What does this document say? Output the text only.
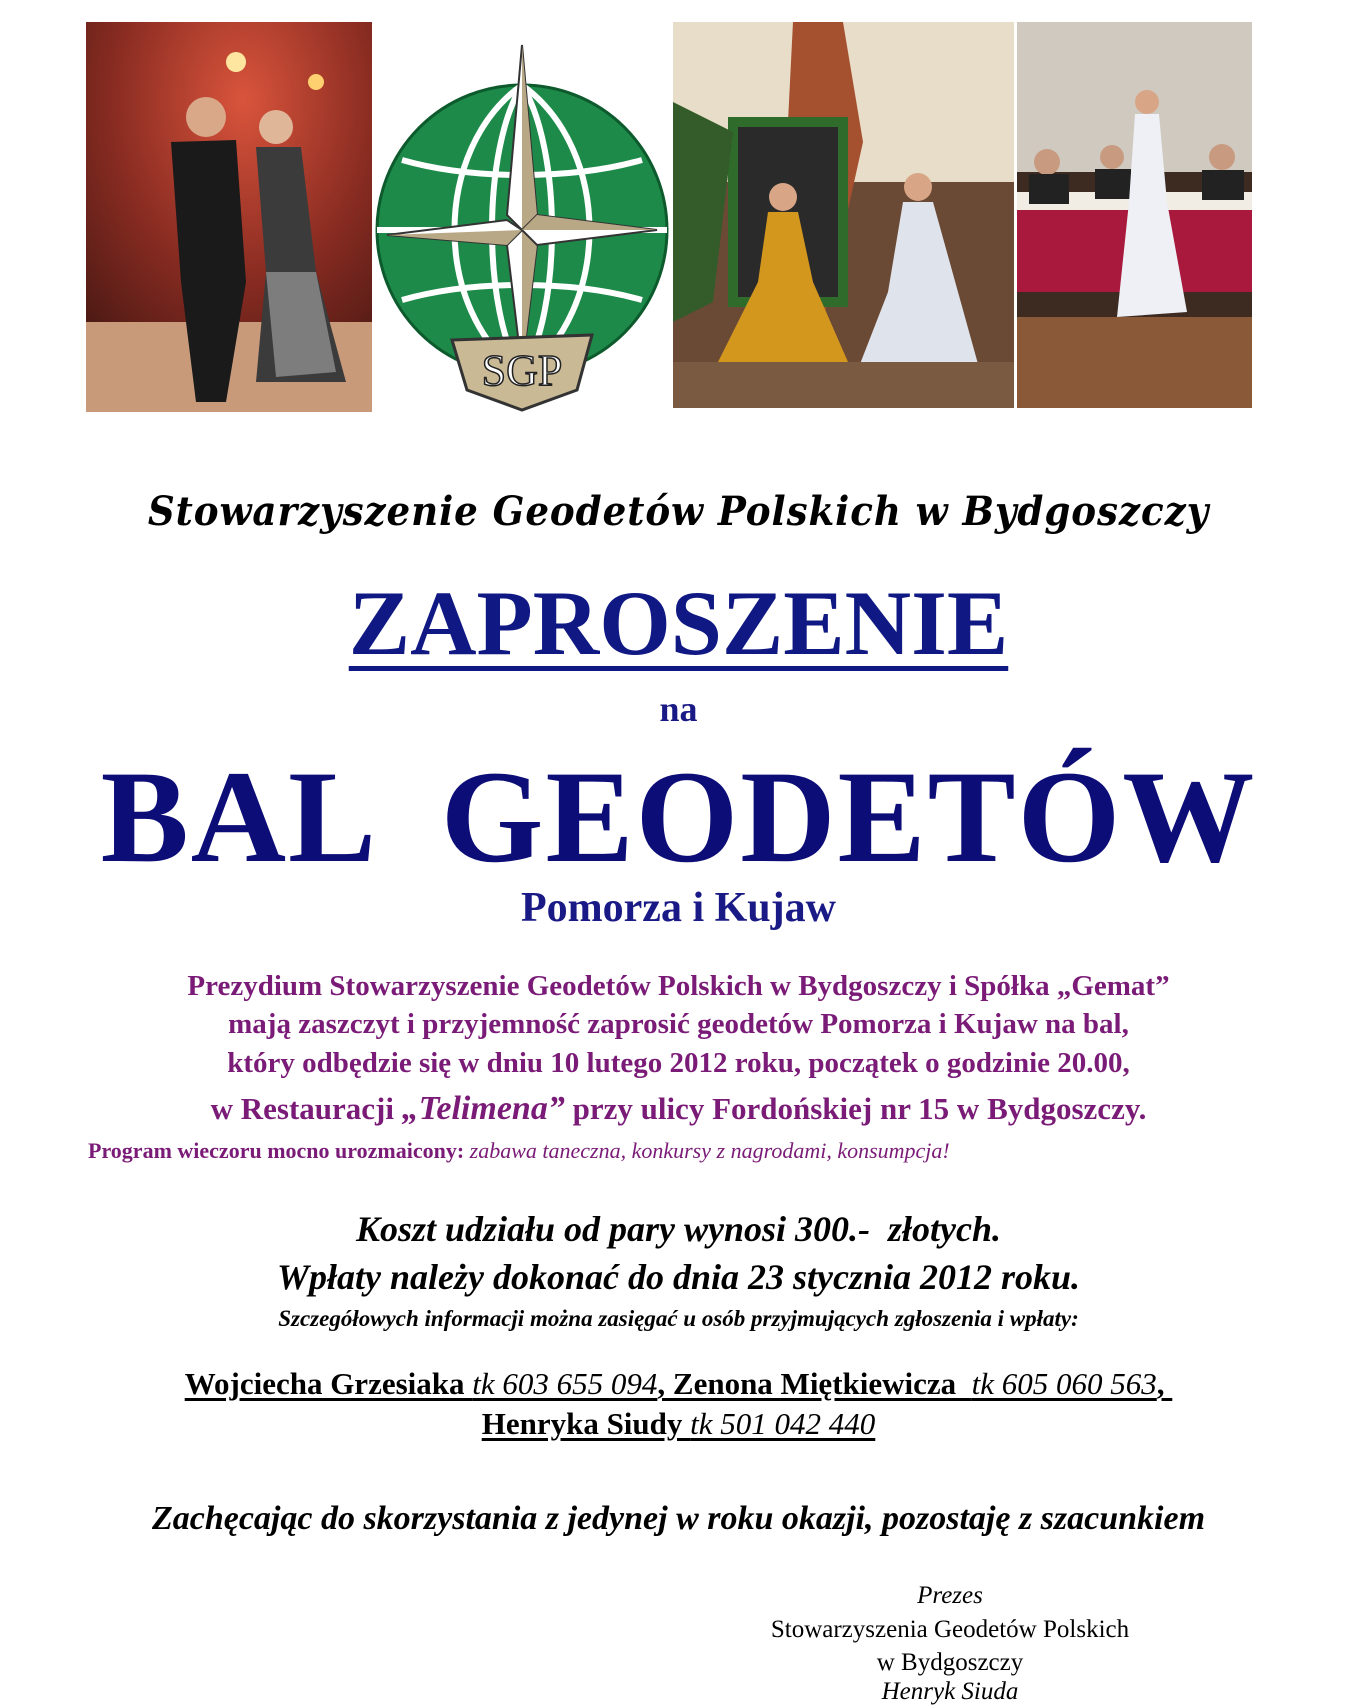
SGP

Stowarzyszenie Geodetów Polskich w Bydgoszczy

ZAPROSZENIE

na

BAL  GEODETÓW

Pomorza i Kujaw

Prezydium Stowarzyszenie Geodetów Polskich w Bydgoszczy i Spółka „Gemat”

mają zaszczyt i przyjemność zaprosić geodetów Pomorza i Kujaw na bal,

który odbędzie się w dniu 10 lutego 2012 roku, początek o godzinie 20.00,

w Restauracji „Telimena” przy ulicy Fordońskiej nr 15 w Bydgoszczy.

Program wieczoru mocno urozmaicony: zabawa taneczna, konkursy z nagrodami, konsumpcja!

Koszt udziału od pary wynosi 300.-  złotych.

Wpłaty należy dokonać do dnia 23 stycznia 2012 roku.

Szczegółowych informacji można zasięgać u osób przyjmujących zgłoszenia i wpłaty:

Wojciecha Grzesiaka tk 603 655 094, Zenona Miętkiewicza  tk 605 060 563,

Henryka Siudy tk 501 042 440

Zachęcając do skorzystania z jedynej w roku okazji, pozostaję z szacunkiem

Prezes

Stowarzyszenia Geodetów Polskich

w Bydgoszczy

Henryk Siuda
